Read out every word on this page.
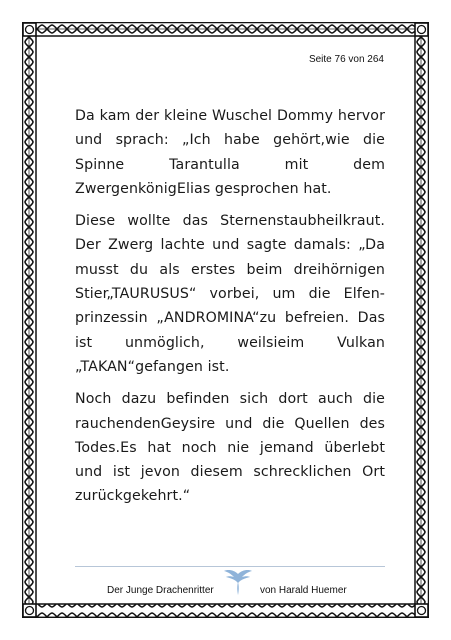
Seite 76 von 264

Da kam der kleine Wuschel Dommy hervor und sprach: „Ich habe gehört,wie die Spinne Tarantulla mit dem ZwergenkönigElias gesprochen hat.

Diese wollte das Sternenstaubheilkraut. Der Zwerg lachte und sagte damals: „Da musst du als erstes beim dreihörnigen Stier„TAURUSUS“ vorbei, um die Elfen-prinzessin „ANDROMINA“zu befreien. Das ist unmöglich, weilsieim Vulkan „TAKAN“gefangen ist.

Noch dazu befinden sich dort auch die rauchendenGeysire und die Quellen des Todes.Es hat noch nie jemand überlebt und ist jevon diesem schrecklichen Ort zurückgekehrt.“

Der Junge Drachenritter	von Harald Huemer
